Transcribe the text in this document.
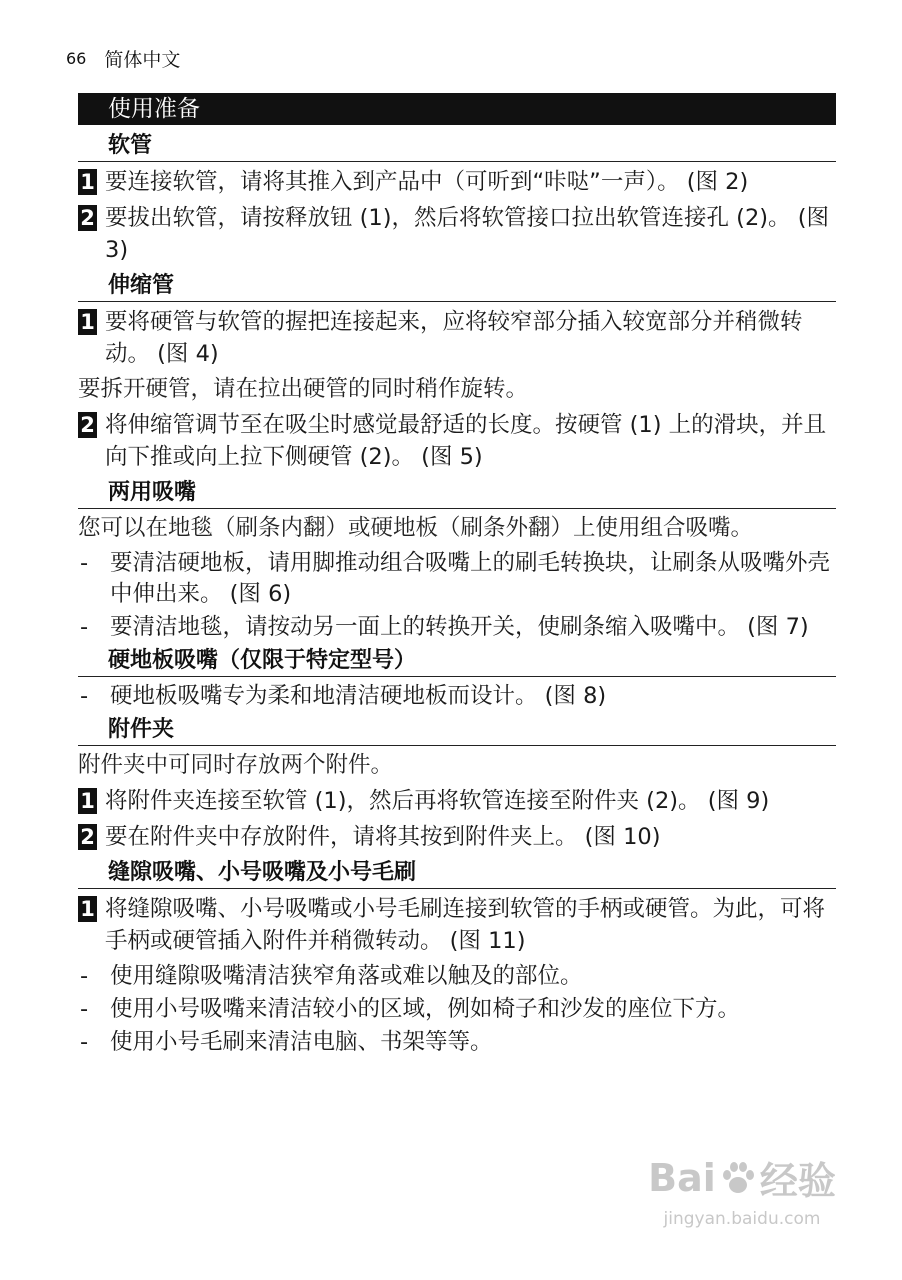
66 简体中文
使用准备
软管
1 要连接软管，请将其推入到产品中（可听到“咔哒”一声）。 (图 2)
2 要拔出软管，请按释放钮 (1)，然后将软管接口拉出软管连接孔 (2)。 (图 3)
伸缩管
1 要将硬管与软管的握把连接起来，应将较窄部分插入较宽部分并稍微转动。 (图 4)
要拆开硬管，请在拉出硬管的同时稍作旋转。
2 将伸缩管调节至在吸尘时感觉最舒适的长度。按硬管 (1) 上的滑块，并且向下推或向上拉下侧硬管 (2)。 (图 5)
两用吸嘴
您可以在地毯（刷条内翻）或硬地板（刷条外翻）上使用组合吸嘴。
- 要清洁硬地板，请用脚推动组合吸嘴上的刷毛转换块，让刷条从吸嘴外壳中伸出来。 (图 6)
- 要清洁地毯，请按动另一面上的转换开关，使刷条缩入吸嘴中。 (图 7)
硬地板吸嘴（仅限于特定型号）
- 硬地板吸嘴专为柔和地清洁硬地板而设计。 (图 8)
附件夹
附件夹中可同时存放两个附件。
1 将附件夹连接至软管 (1)，然后再将软管连接至附件夹 (2)。 (图 9)
2 要在附件夹中存放附件，请将其按到附件夹上。 (图 10)
缝隙吸嘴、小号吸嘴及小号毛刷
1 将缝隙吸嘴、小号吸嘴或小号毛刷连接到软管的手柄或硬管。为此，可将手柄或硬管插入附件并稍微转动。 (图 11)
- 使用缝隙吸嘴清洁狭窄角落或难以触及的部位。
- 使用小号吸嘴来清洁较小的区域，例如椅子和沙发的座位下方。
- 使用小号毛刷来清洁电脑、书架等等。
Bai 经验
jingyan.baidu.com
